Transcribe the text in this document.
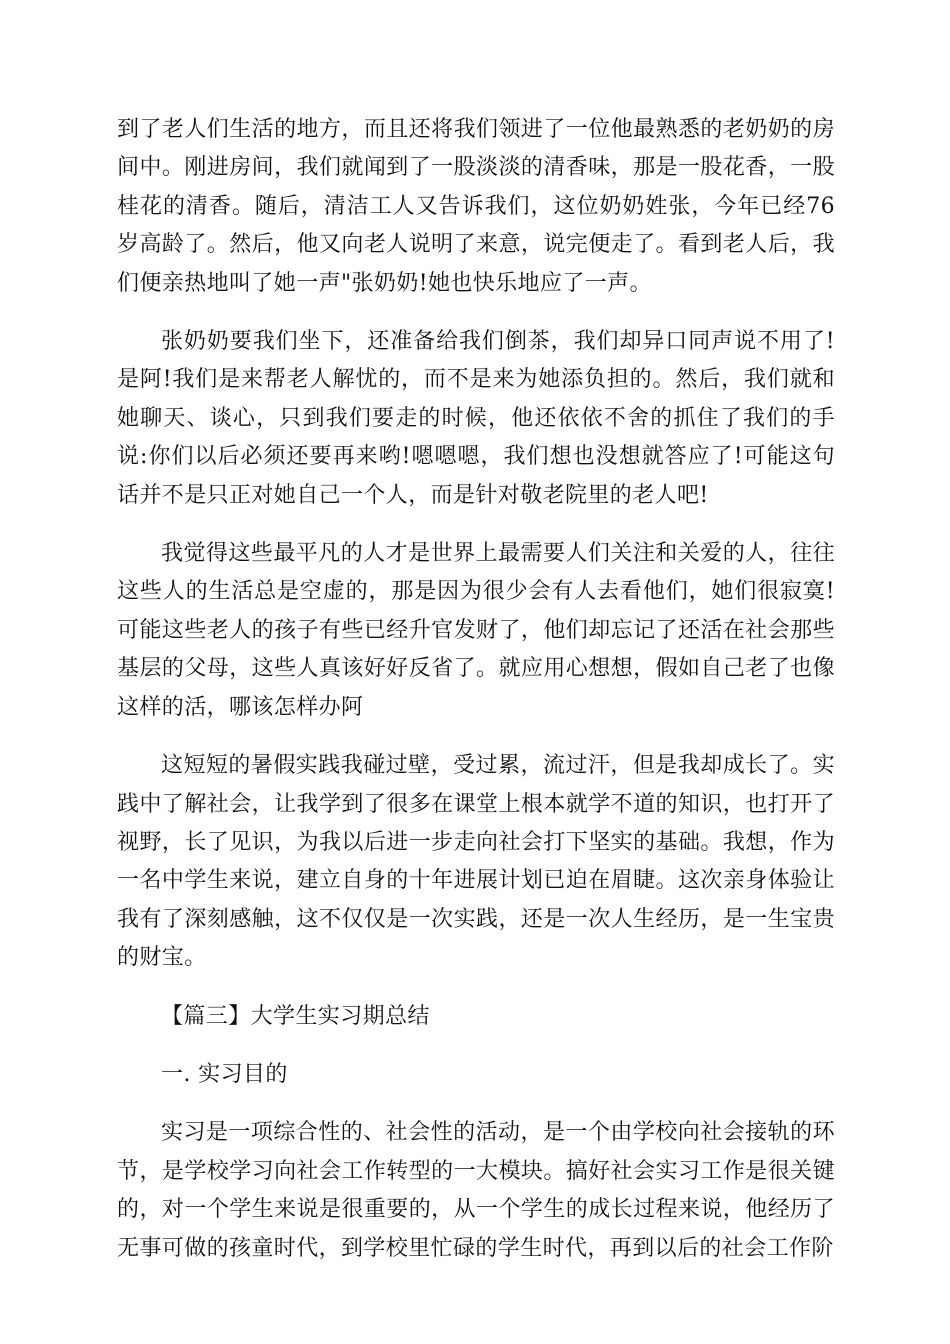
到了老人们生活的地方，而且还将我们领进了一位他最熟悉的老奶奶的房间中。刚进房间，我们就闻到了一股淡淡的清香味，那是一股花香，一股桂花的清香。随后，清洁工人又告诉我们，这位奶奶姓张，今年已经76岁高龄了。然后，他又向老人说明了来意，说完便走了。看到老人后，我们便亲热地叫了她一声"张奶奶!她也快乐地应了一声。

张奶奶要我们坐下，还准备给我们倒茶，我们却异口同声说不用了!是阿!我们是来帮老人解忧的，而不是来为她添负担的。然后，我们就和她聊天、谈心，只到我们要走的时候，他还依依不舍的抓住了我们的手说:你们以后必须还要再来哟!嗯嗯嗯，我们想也没想就答应了!可能这句话并不是只正对她自己一个人，而是针对敬老院里的老人吧!

我觉得这些最平凡的人才是世界上最需要人们关注和关爱的人，往往这些人的生活总是空虚的，那是因为很少会有人去看他们，她们很寂寞!可能这些老人的孩子有些已经升官发财了，他们却忘记了还活在社会那些基层的父母，这些人真该好好反省了。就应用心想想，假如自己老了也像这样的活，哪该怎样办阿

这短短的暑假实践我碰过壁，受过累，流过汗，但是我却成长了。实践中了解社会，让我学到了很多在课堂上根本就学不道的知识，也打开了视野，长了见识，为我以后进一步走向社会打下坚实的基础。我想，作为一名中学生来说，建立自身的十年进展计划已迫在眉睫。这次亲身体验让我有了深刻感触，这不仅仅是一次实践，还是一次人生经历，是一生宝贵的财宝。

【篇三】大学生实习期总结

一. 实习目的

实习是一项综合性的、社会性的活动，是一个由学校向社会接轨的环节，是学校学习向社会工作转型的一大模块。搞好社会实习工作是很关键的，对一个学生来说是很重要的，从一个学生的成长过程来说，他经历了无事可做的孩童时代，到学校里忙碌的学生时代，再到以后的社会工作阶
